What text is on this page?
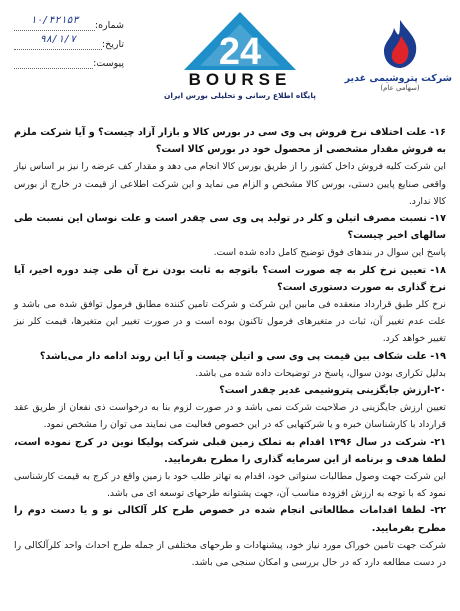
شماره:
۱۰/۴۲۱۵۳
تاریخ:
۹۸/۱/۷
پیوست: 24
BOURSE
پایگاه اطلاع رسانی و تحلیلی بورس ایران
شرکت پتروشیمی غدیر
(سهامی عام)

۱۶- علت اختلاف نرخ فروش پی وی سی در بورس کالا و بازار آزاد چیست؟ و آیا شرکت ملزم به فروش مقدار مشخصی از محصول خود در بورس کالا است؟

این شرکت کلیه فروش داخل کشور را از طریق بورس کالا انجام می دهد و مقدار کف عرضه را نیز بر اساس نیاز واقعی صنایع پایین دستی، بورس کالا مشخص و الزام می نماید و این شرکت اطلاعی از قیمت در خارج از بورس کالا ندارد.

۱۷- نسبت مصرف اتیلن و کلر در تولید پی وی سی چقدر است و علت نوسان این نسبت طی سالهای اخیر چیست؟

پاسخ این سوال در بندهای فوق توضیح کامل داده شده است.

۱۸- تعیین نرخ کلر به چه صورت است؟ باتوجه به ثابت بودن نرخ آن طی چند دوره اخیر، آیا نرخ گذاری به صورت دستوری است؟

نرخ کلر طبق قرارداد منعقده فی مابین این شرکت و شرکت تامین کننده مطابق فرمول توافق شده می باشد و علت عدم تغییر آن، ثبات در متغیرهای فرمول تاکنون بوده است و در صورت تغییر این متغیرها، قیمت کلر نیز تغییر خواهد کرد.

۱۹- علت شکاف بین قیمت پی وی سی و اتیلن چیست و آیا این روند ادامه دار می‌باشد؟

بدلیل تکراری بودن سوال، پاسخ در توضیحات داده شده می باشد.

۲۰-ارزش جایگزینی پتروشیمی غدیر چقدر است؟

تعیین ارزش جایگزینی در صلاحیت شرکت نمی باشد و در صورت لزوم بنا به درخواست ذی نفعان از طریق عقد قرارداد با کارشناسان خبره و یا شرکتهایی که در این خصوص فعالیت می نمایند می توان را مشخص نمود.

۲۱- شرکت در سال ۱۳۹۶ اقدام به تملک زمین قبلی شرکت پولیکا نوین در کرج نموده است، لطفا هدف و برنامه از این سرمایه گذاری را مطرح بفرمایید.

این شرکت جهت وصول مطالبات سنواتی خود، اقدام به تهاتر طلب خود با زمین واقع در کرج به قیمت کارشناسی نمود که با توجه به ارزش افزوده مناسب آن، جهت پشتوانه طرحهای توسعه ای می باشد.

۲۲- لطفا اقدامات مطالعاتی انجام شده در خصوص طرح کلر آلکالی نو و یا دست دوم را مطرح بفرمایید.

شرکت جهت تامین خوراک مورد نیاز خود، پیشنهادات و طرحهای مختلفی از جمله طرح احداث واحد کلرآلکالی را در دست مطالعه دارد که در حال بررسی و امکان سنجی می باشد.
